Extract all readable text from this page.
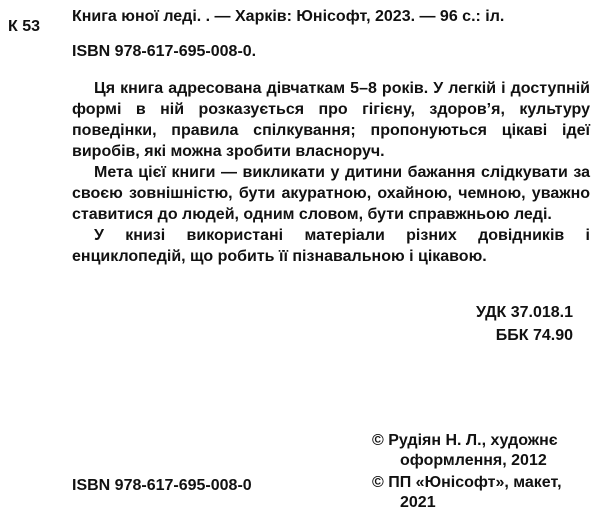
К 53
Книга юної леді. . — Харків: Юнісофт, 2023. — 96 с.: іл.
ISBN 978-617-695-008-0.

Ця книга адресована дівчаткам 5–8 років. У легкій і доступній формі в ній розказується про гігієну, здоров’я, культуру поведінки, правила спілкування; пропонуються цікаві ідеї виробів, які можна зробити власноруч.

Мета цієї книги — викликати у дитини бажання слідкувати за своєю зовнішністю, бути акуратною, охайною, чемною, уважно ставитися до людей, одним словом, бути справжньою леді.

У книзі використані матеріали різних довідників і енциклопедій, що робить її пізнавальною і цікавою.

УДК 37.018.1
ББК 74.90
© Рудіян Н. Л., художнє
оформлення, 2012
© ПП «Юнісофт», макет,
2021
ISBN 978-617-695-008-0
